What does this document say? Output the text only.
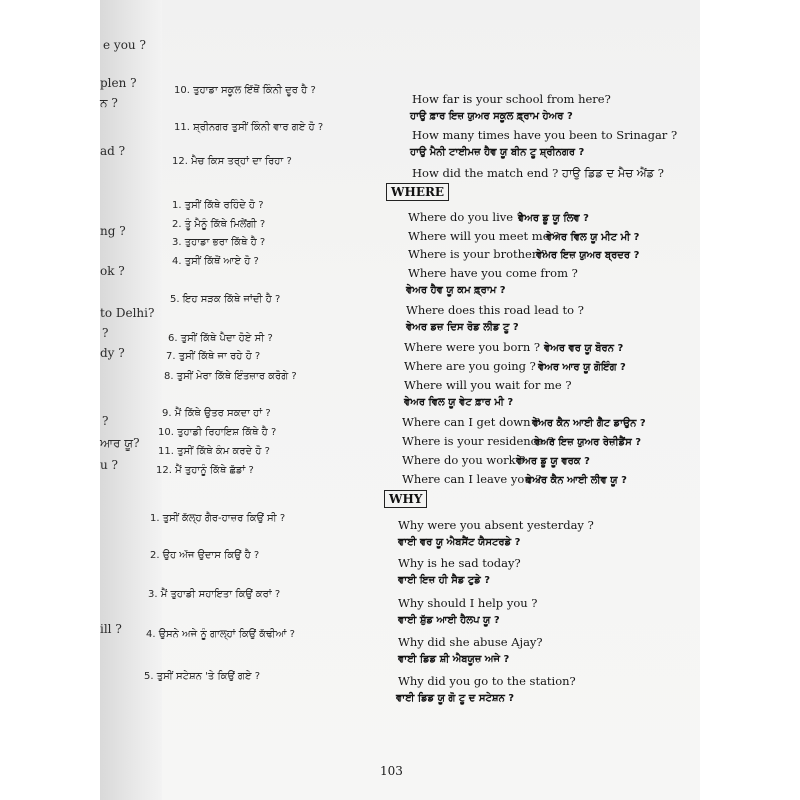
e you ?
plen ?
ਨ ?
ad ?
ng ?
ok ?
to Delhi?
?
dy ?
?
ਆਰ ਯੂ?
u ?
ill ?
10. ਤੁਹਾਡਾ ਸਕੂਲ ਇੱਥੋਂ ਕਿੰਨੀ ਦੂਰ ਹੈ ?
How far is your school from here?
ਹਾਉ ਫ਼ਾਰ ਇਜ਼ ਯੁਅਰ ਸਕੂਲ ਫ਼੍ਰਾਮ ਹੇਅਰ ?
11. ਸ਼੍ਰੀਨਗਰ ਤੁਸੀਂ ਕਿੰਨੀ ਵਾਰ ਗਏ ਹੋ ?
How many times have you been to Srinagar ?
ਹਾਉ ਮੈਨੀ ਟਾਈਮਜ਼ ਹੈਵ ਯੂ ਬੀਨ ਟੂ ਸ਼੍ਰੀਨਗਰ ?
12. ਮੈਚ ਕਿਸ ਤਰ੍ਹਾਂ ਦਾ ਰਿਹਾ ?
How did the match end ? ਹਾਉ ਡਿਡ ਦ ਮੈਚ ਐਂਡ ?
WHERE
1. ਤੁਸੀਂ ਕਿੱਥੇ ਰਹਿੰਦੇ ਹੋ ?
Where do you live ?
ਵੇਅਰ ਡੂ ਯੂ ਲਿਵ ?
2. ਤੂੰ ਮੈਨੂੰ ਕਿੱਥੇ ਮਿਲੇਂਗੀ ?
Where will you meet me ?
ਵੇਅਰ ਵਿਲ ਯੂ ਮੀਟ ਮੀ ?
3. ਤੁਹਾਡਾ ਭਰਾ ਕਿੱਥੇ ਹੈ ?
Where is your brother ?
ਵੇਅਰ ਇਜ਼ ਯੁਅਰ ਬ੍ਰਦਰ ?
4. ਤੁਸੀਂ ਕਿੱਥੋਂ ਆਏ ਹੋ ?
Where have you come from ?
ਵੇਅਰ ਹੈਵ ਯੂ ਕਮ ਫ਼੍ਰਾਮ ?
5. ਇਹ ਸੜਕ ਕਿੱਥੇ ਜਾਂਦੀ ਹੈ ?
Where does this road lead to ?
ਵੇਅਰ ਡਜ਼ ਦਿਸ ਰੋਡ ਲੀਡ ਟੂ ?
6. ਤੁਸੀਂ ਕਿੱਥੇ ਪੈਦਾ ਹੋਏ ਸੀ ?
Where were you born ? ਵੇਅਰ ਵਰ ਯੂ ਬੋਰਨ ?
7. ਤੁਸੀਂ ਕਿੱਥੇ ਜਾ ਰਹੇ ਹੋ ?
Where are you going ? ਵੇਅਰ ਆਰ ਯੂ ਗੋਇੰਗ ?
8. ਤੁਸੀਂ ਮੇਰਾ ਕਿੱਥੇ ਇੰਤਜ਼ਾਰ ਕਰੋਗੇ ?
Where will you wait for me ?
ਵੇਅਰ ਵਿਲ ਯੂ ਵੇਟ ਫ਼ਾਰ ਮੀ ?
9. ਮੈਂ ਕਿੱਥੇ ਉਤਰ ਸਕਦਾ ਹਾਂ ?
Where can I get down ?
ਵੇਅਰ ਕੈਨ ਆਈ ਗੈੱਟ ਡਾਉਨ ?
10. ਤੁਹਾਡੀ ਰਿਹਾਇਸ਼ ਕਿੱਥੇ ਹੈ ?
Where is your residence ?
ਵੇਅਰ ਇਜ਼ ਯੁਅਰ ਰੇਜ਼ੀਡੈਂਸ ?
11. ਤੁਸੀਂ ਕਿੱਥੇ ਕੰਮ ਕਰਦੇ ਹੋ ?
Where do you work ?
ਵੇਅਰ ਡੂ ਯੂ ਵਰਕ ?
12. ਮੈਂ ਤੁਹਾਨੂੰ ਕਿੱਥੇ ਛੱਡਾਂ ?
Where can I leave you ?
ਵੇਅਰ ਕੈਨ ਆਈ ਲੀਵ ਯੂ ?
WHY
1. ਤੁਸੀਂ ਕੱਲ੍ਹ ਗੈਰ-ਹਾਜ਼ਰ ਕਿਉਂ ਸੀ ?	Why were you absent yesterday ?
ਵਾਈ ਵਰ ਯੂ ਐਬਸੈਂਟ ਯੈਸਟਰਡੇ ?
2. ਉਹ ਅੱਜ ਉਦਾਸ ਕਿਉਂ ਹੈ ?
Why is he sad today?
ਵਾਈ ਇਜ਼ ਹੀ ਸੈਡ ਟੁਡੇ ?
3. ਮੈਂ ਤੁਹਾਡੀ ਸਹਾਇਤਾ ਕਿਉਂ ਕਰਾਂ ?
Why should I help you ?
ਵਾਈ ਸ਼ੁੱਡ ਆਈ ਹੈਲਪ ਯੂ ?
4. ਉਸਨੇ ਅਜੇ ਨੂੰ ਗਾਲ੍ਹਾਂ ਕਿਉਂ ਕੱਢੀਆਂ ?
Why did she abuse Ajay?
ਵਾਈ ਡਿਡ ਸ਼ੀ ਐਬਯੂਜ਼ ਅਜੇ ?
5. ਤੁਸੀਂ ਸਟੇਸ਼ਨ 'ਤੇ ਕਿਉਂ ਗਏ ?	Why did you go to the station?
ਵਾਈ ਡਿਡ ਯੂ ਗੋ ਟੂ ਦ ਸਟੇਸ਼ਨ ?
103
